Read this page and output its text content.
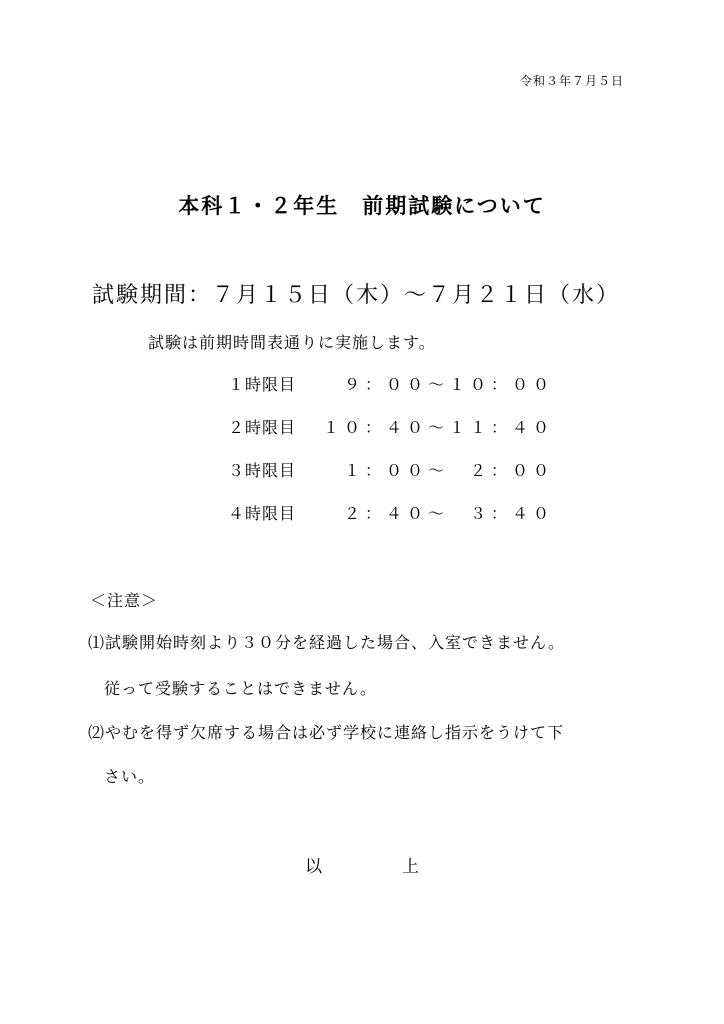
令和３年７月５日
本科１・２年生　前期試験について
試験期間：７月１５日（木）～７月２１日（水）
試験は前期時間表通りに実施します。
１時限目	９：００～１０：００
２時限目 １０：４０～１１：４０
３時限目	１：００～　２：００
４時限目	２：４０～　３：４０
＜注意＞
⑴試験開始時刻より３０分を経過した場合、入室できません。
従って受験することはできません。
⑵やむを得ず欠席する場合は必ず学校に連絡し指示をうけて下
さい。
以	上
